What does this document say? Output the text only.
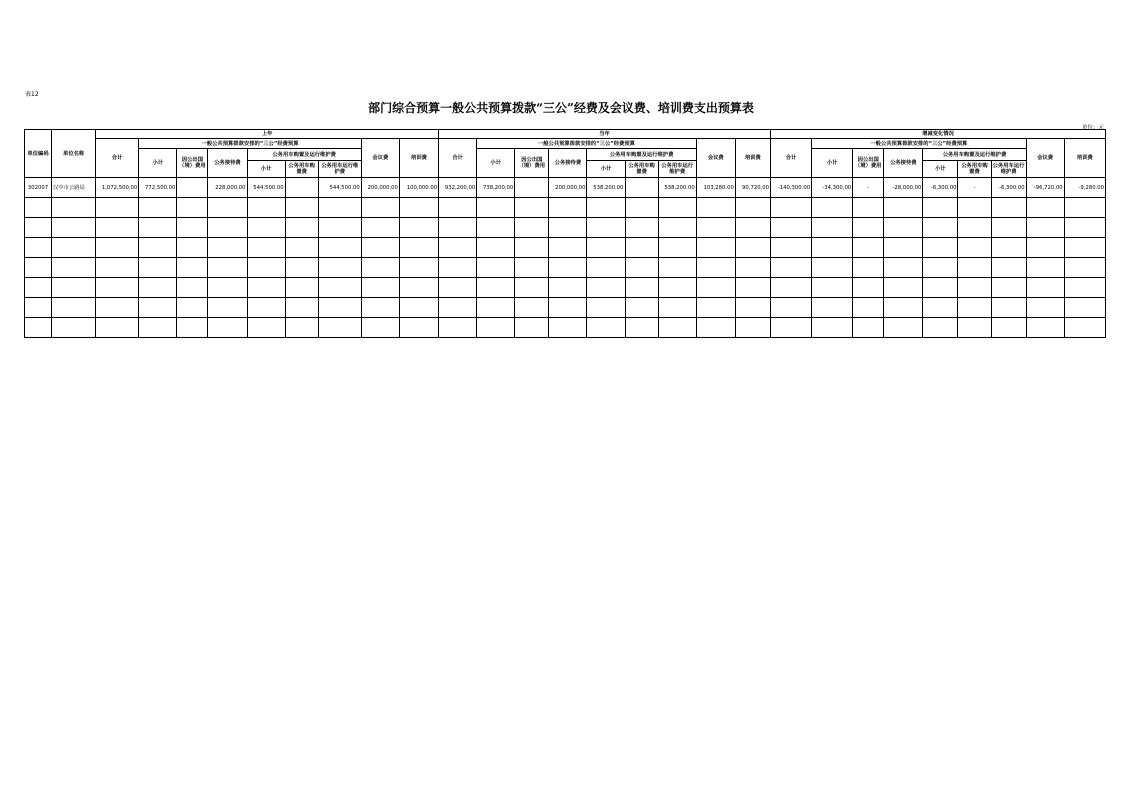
表12
部门综合预算一般公共预算拨款“三公”经费及会议费、培训费支出预算表
单位：元
单位编码	单位名称	上年									当年									增减变化情况								
		合计	一般公共预算拨款安排的“三公”经费预算						会议费	培训费	合计	一般公共预算拨款安排的“三公”经费预算						会议费	培训费	合计	一般公共预算拨款安排的“三公”经费预算						会议费	培训费
			小计	因公出国（境）费用	公务接待费	公务用车购置及运行维护费						小计	因公出国（境）费用	公务接待费	公务用车购置及运行维护费						小计	因公出国（境）费用	公务接待费	公务用车购置及运行维护费				
						小计	公务用车购置费	公务用车运行维护费							小计	公务用车购置费	公务用车运行维护费							小计	公务用车购置费	公务用车运行维护费		
302007	汉中市公路局	1,072,500.00	772,500.00		228,000.00	544,500.00		544,500.00	200,000.00	100,000.00	932,200.00	738,200.00		200,000.00	538,200.00		538,200.00	103,280.00	90,720.00	-140,300.00	-34,300.00	-	-28,000.00	-6,300.00	-	-6,300.00	-96,720.00	-9,280.00
